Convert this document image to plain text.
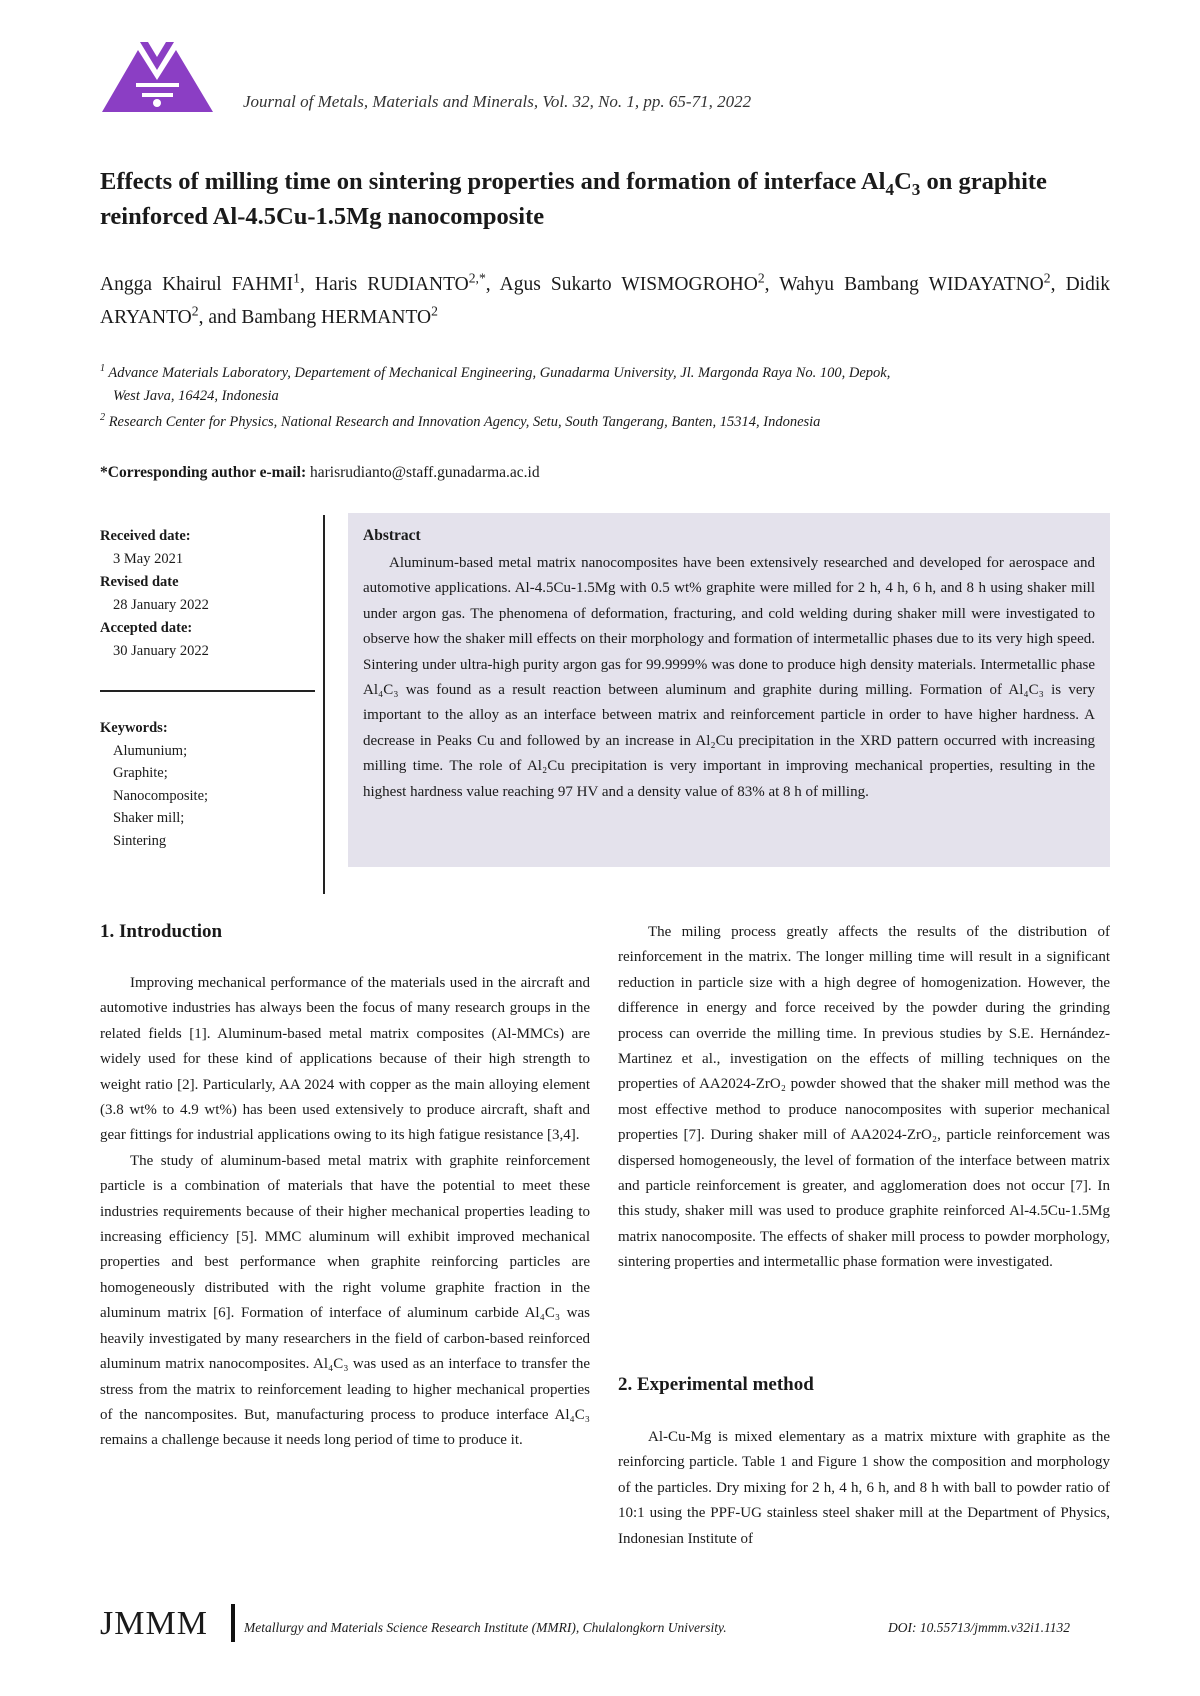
Journal of Metals, Materials and Minerals, Vol. 32, No. 1, pp. 65-71, 2022
Effects of milling time on sintering properties and formation of interface $Al_4C_3$ on graphite reinforced Al-4.5Cu-1.5Mg nanocomposite
Angga Khairul FAHMI$^1$, Haris $RUDIANTO^{2,*}$, Agus Sukarto WISMOGROHO$^2$, Wahyu Bambang WIDAYATNO$^2$, Didik ARYANTO$^2$, and Bambang HERMANTO$^2$
$^1$ Advance Materials Laboratory, Departement of Mechanical Engineering, Gunadarma University, Jl. Margonda Raya No. 100, Depok,
West Java, 16424, Indonesia
$^2$ Research Center for Physics, National Research and Innovation Agency, Setu, South Tangerang, Banten, 15314, Indonesia
*Corresponding author e-mail: harisrudianto@staff.gunadarma.ac.id
Received date:
3 May 2021
Revised date
28 January 2022
Accepted date:
30 January 2022
Keywords:
Alumunium;
Graphite;
Nanocomposite;
Shaker mill;
Sintering
Abstract

Aluminum-based metal matrix nanocomposites have been extensively researched and developed for aerospace and automotive applications. Al-4.5Cu-1.5Mg with 0.5 wt% graphite were milled for 2 h, 4 h, 6 h, and 8 h using shaker mill under argon gas. The phenomena of deformation, fracturing, and cold welding during shaker mill were investigated to observe how the shaker mill effects on their morphology and formation of intermetallic phases due to its very high speed. Sintering under ultra-high purity argon gas for 99.9999% was done to produce high density materials. Intermetallic phase Al₄C₃ was found as a result reaction between aluminum and graphite during milling. Formation of Al₄C₃ is very important to the alloy as an interface between matrix and reinforcement particle in order to have higher hardness. A decrease in Peaks Cu and followed by an increase in Al₂Cu precipitation in the XRD pattern occurred with increasing milling time. The role of Al₂Cu precipitation is very important in improving mechanical properties, resulting in the highest hardness value reaching 97 HV and a density value of 83% at 8 h of milling.

1. Introduction

Improving mechanical performance of the materials used in the aircraft and automotive industries has always been the focus of many research groups in the related fields [1]. Aluminum-based metal matrix composites (Al-MMCs) are widely used for these kind of applications because of their high strength to weight ratio [2]. Particularly, AA 2024 with copper as the main alloying element (3.8 wt% to 4.9 wt%) has been used extensively to produce aircraft, shaft and gear fittings for industrial applications owing to its high fatigue resistance [3,4].

The study of aluminum-based metal matrix with graphite reinforcement particle is a combination of materials that have the potential to meet these industries requirements because of their higher mechanical properties leading to increasing efficiency [5]. MMC aluminum will exhibit improved mechanical properties and best performance when graphite reinforcing particles are homogeneously distributed with the right volume graphite fraction in the aluminum matrix [6]. Formation of interface of aluminum carbide Al₄C₃ was heavily investigated by many researchers in the field of carbon-based reinforced aluminum matrix nanocomposites. Al₄C₃ was used as an interface to transfer the stress from the matrix to reinforcement leading to higher mechanical properties of the nancomposites. But, manufacturing process to produce interface Al₄C₃ remains a challenge because it needs long period of time to produce it.

The miling process greatly affects the results of the distribution of reinforcement in the matrix. The longer milling time will result in a significant reduction in particle size with a high degree of homogenization. However, the difference in energy and force received by the powder during the grinding process can override the milling time. In previous studies by S.E. Hernández-Martinez et al., investigation on the effects of milling techniques on the properties of AA2024-ZrO₂ powder showed that the shaker mill method was the most effective method to produce nanocomposites with superior mechanical properties [7]. During shaker mill of AA2024-ZrO₂, particle reinforcement was dispersed homogeneously, the level of formation of the interface between matrix and particle reinforcement is greater, and agglomeration does not occur [7]. In this study, shaker mill was used to produce graphite reinforced Al-4.5Cu-1.5Mg matrix nanocomposite. The effects of shaker mill process to powder morphology, sintering properties and intermetallic phase formation were investigated.

2. Experimental method

Al-Cu-Mg is mixed elementary as a matrix mixture with graphite as the reinforcing particle. Table 1 and Figure 1 show the composition and morphology of the particles. Dry mixing for 2 h, 4 h, 6 h, and 8 h with ball to powder ratio of 10:1 using the PPF-UG stainless steel shaker mill at the Department of Physics, Indonesian Institute of

JMMM	Metallurgy and Materials Science Research Institute (MMRI), Chulalongkorn University.	DOI: 10.55713/jmmm.v32i1.1132
